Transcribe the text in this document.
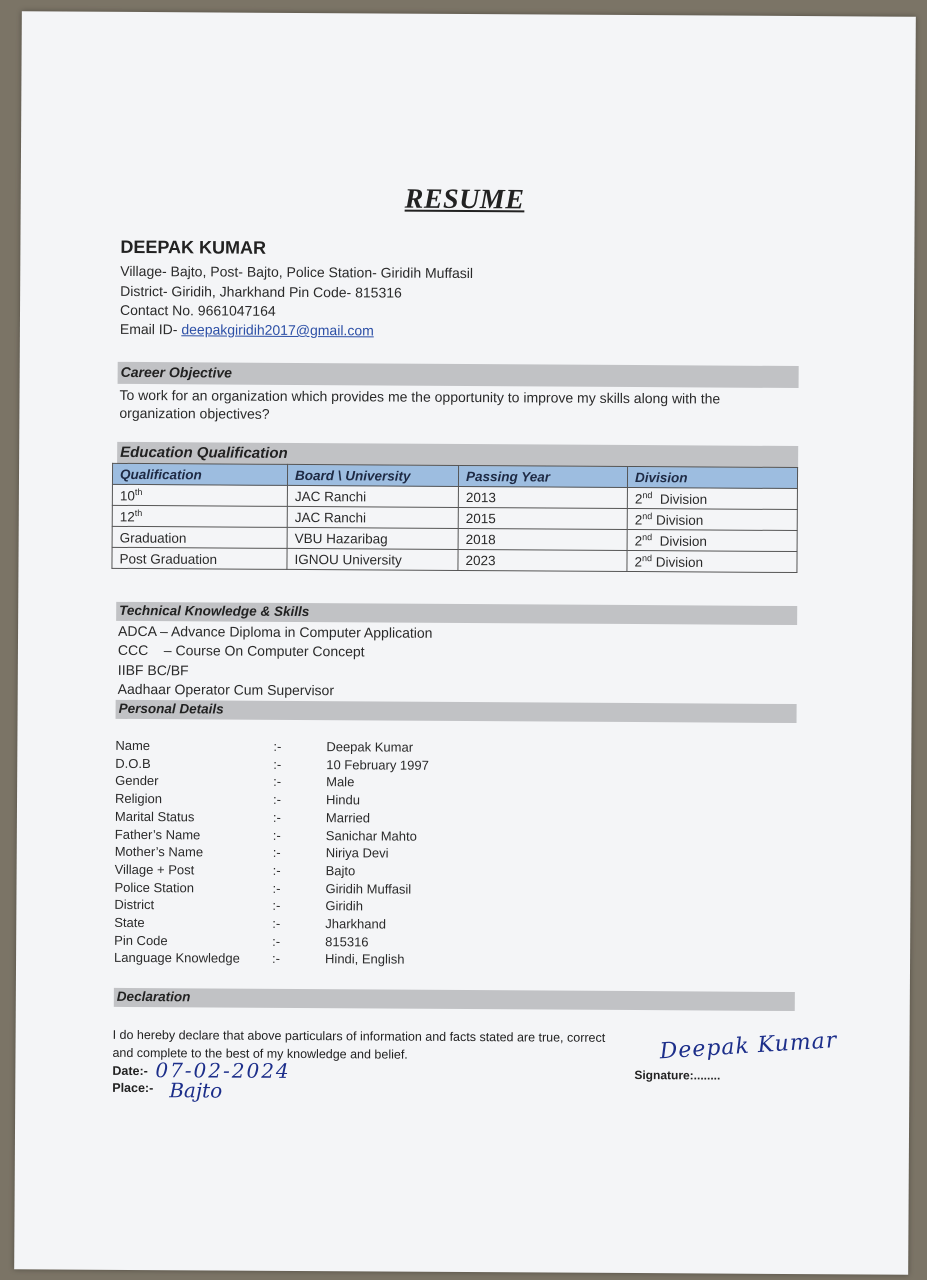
RESUME
DEEPAK KUMAR
Village- Bajto, Post- Bajto, Police Station- Giridih Muffasil
District- Giridih, Jharkhand Pin Code- 815316
Contact No. 9661047164
Email ID- deepakgiridih2017@gmail.com
Career Objective
To work for an organization which provides me the opportunity to improve my skills along with the organization objectives?
Education Qualification
Qualification	Board \ University	Passing Year	Division
10th	JAC Ranchi	2013	2nd  Division
12th	JAC Ranchi	2015	2nd Division
Graduation	VBU Hazaribag	2018	2nd  Division
Post Graduation	IGNOU University	2023	2nd Division
Technical Knowledge & Skills
ADCA – Advance Diploma in Computer Application
CCC    – Course On Computer Concept
IIBF BC/BF
Aadhaar Operator Cum Supervisor
Personal Details
Name	:-	Deepak Kumar
D.O.B	:-	10 February 1997
Gender	:-	Male
Religion	:-	Hindu
Marital Status	:-	Married
Father’s Name	:-	Sanichar Mahto
Mother’s Name	:-	Niriya Devi
Village + Post	:-	Bajto
Police Station	:-	Giridih Muffasil
District	:-	Giridih
State	:-	Jharkhand
Pin Code	:-	815316
Language Knowledge :-	Hindi, English
Declaration
I do hereby declare that above particulars of information and facts stated are true, correct
and complete to the best of my knowledge and belief.
Date:- 07-02-2024
Place:- Bajto
Signature:........
Deepak Kumar
